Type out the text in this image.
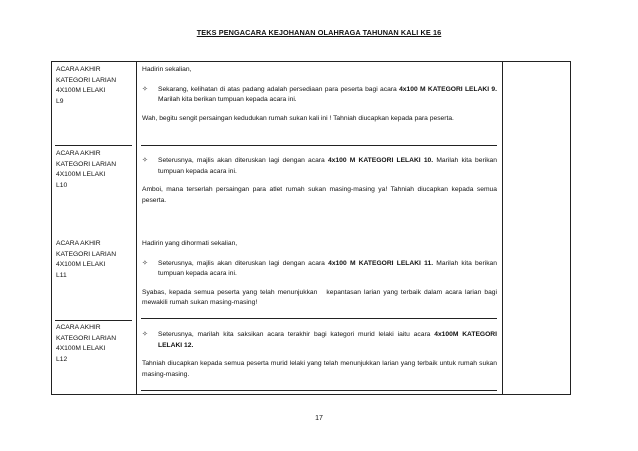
TEKS PENGACARA KEJOHANAN OLAHRAGA TAHUNAN KALI KE 16
ACARA AKHIR
KATEGORI LARIAN
4X100M LELAKI
L9

Hadirin sekalian,

✧ Sekarang, kelihatan di atas padang adalah persediaan para peserta bagi acara 4x100 M KATEGORI LELAKI 9. Marilah kita berikan tumpuan kepada acara ini.

Wah, begitu sengit persaingan kedudukan rumah sukan kali ini ! Tahniah diucapkan kepada para peserta.

ACARA AKHIR
KATEGORI LARIAN
4X100M LELAKI
L10

✧ Seterusnya, majlis akan diteruskan lagi dengan acara 4x100 M KATEGORI LELAKI 10. Marilah kita berikan tumpuan kepada acara ini.

Amboi, mana terserlah persaingan para atlet rumah sukan masing-masing ya! Tahniah diucapkan kepada semua peserta.

ACARA AKHIR
KATEGORI LARIAN
4X100M LELAKI
L11

Hadirin yang dihormati sekalian,

✧ Seterusnya, majlis akan diteruskan lagi dengan acara 4x100 M KATEGORI LELAKI 11. Marilah kita berikan tumpuan kepada acara ini.

Syabas, kepada semua peserta yang telah menunjukkan   kepantasan larian yang terbaik dalam acara larian bagi mewakili rumah sukan masing-masing!

ACARA AKHIR
KATEGORI LARIAN
4X100M LELAKI
L12

✧ Seterusnya, marilah kita saksikan acara terakhir bagi kategori murid lelaki iaitu acara 4x100M KATEGORI LELAKI 12.

Tahniah diucapkan kepada semua peserta murid lelaki yang telah menunjukkan larian yang terbaik untuk rumah sukan masing-masing.

17
